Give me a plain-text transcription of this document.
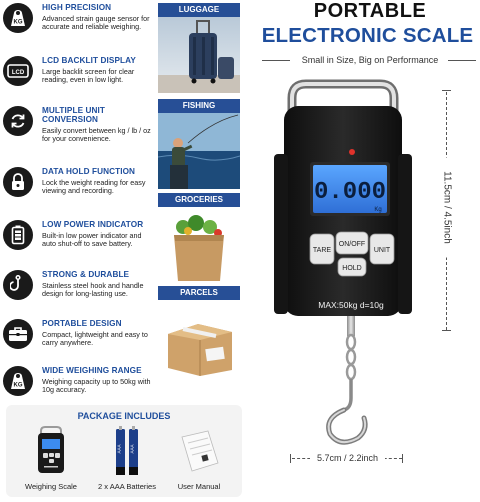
KG
HIGH PRECISION
Advanced strain gauge sensor for accurate and reliable weighing.
LCD
LCD BACKLIT DISPLAY
Large backlit screen for clear reading, even in low light.
MULTIPLE UNIT CONVERSION
Easily convert between kg / lb / oz for your convenience.
DATA HOLD FUNCTION
Lock the weight reading for easy viewing and recording.
LOW POWER INDICATOR
Built-in low power indicator and auto shut-off to save battery.
STRONG & DURABLE
Stainless steel hook and handle design for long-lasting use.
PORTABLE DESIGN
Compact, lightweight and easy to carry anywhere.
KG
WIDE WEIGHING RANGE
Weighing capacity up to 50kg with 10g accuracy.
LUGGAGE
FISHING
GROCERIES
PARCELS
PORTABLE
ELECTRONIC SCALE
Small in Size, Big on Performance
0.000
Kg
TARE
ON/OFF
UNIT
HOLD
MAX:50kg d=10g
11.5cm / 4.5inch
5.7cm / 2.2inch
PACKAGE INCLUDES
Weighing Scale
AAA AAA
2 x AAA Batteries	User Manual
